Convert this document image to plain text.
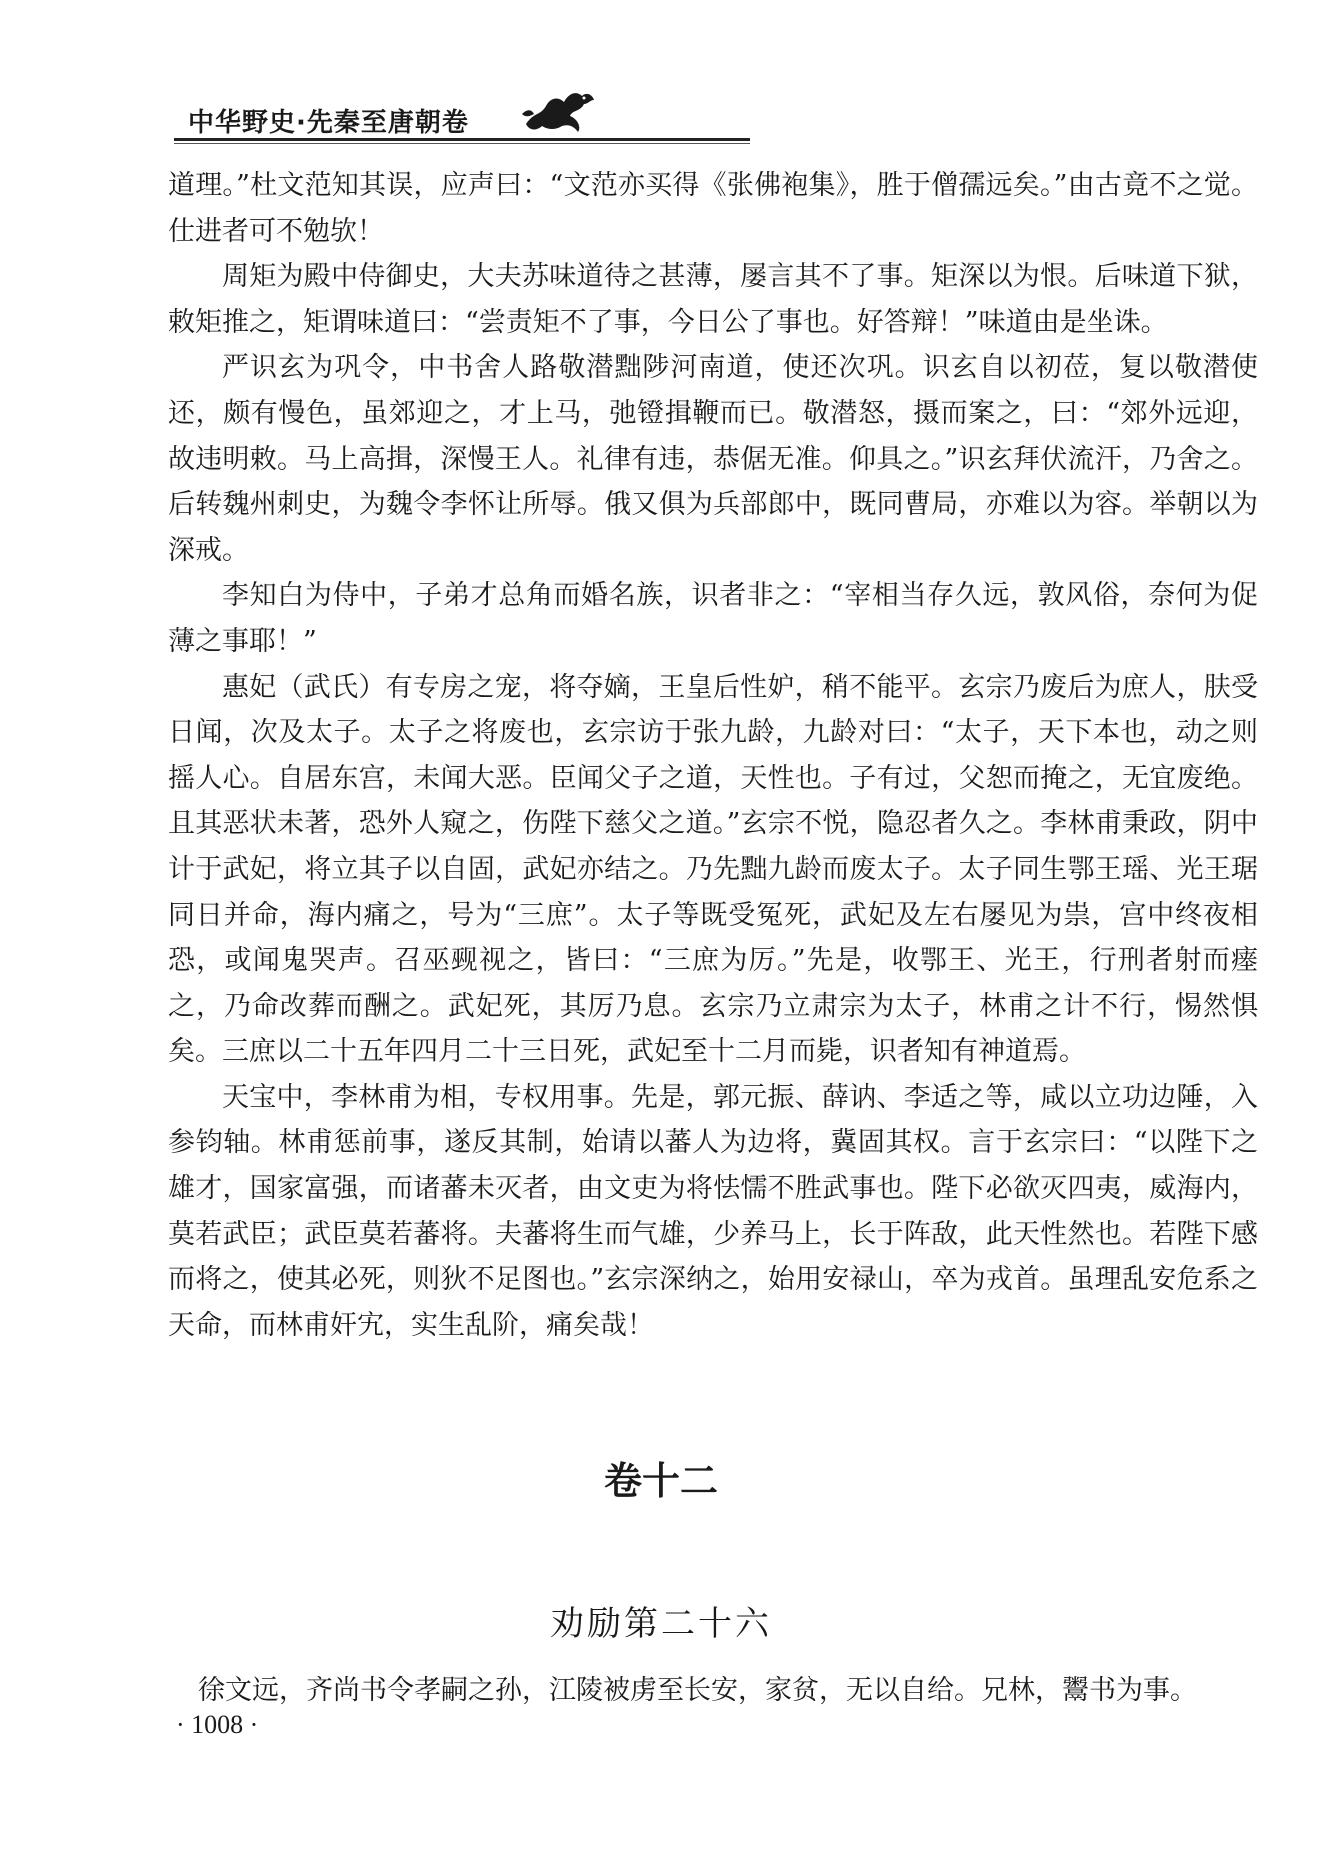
中华野史·先秦至唐朝卷

道理。”杜文范知其误，应声曰：“文范亦买得《张佛袍集》，胜于僧孺远矣。”由古竟不之觉。仕进者可不勉欤！

周矩为殿中侍御史，大夫苏味道待之甚薄，屡言其不了事。矩深以为恨。后味道下狱，敕矩推之，矩谓味道曰：“尝责矩不了事，今日公了事也。好答辩！”味道由是坐诛。

严识玄为巩令，中书舍人路敬潜黜陟河南道，使还次巩。识玄自以初莅，复以敬潜使还，颇有慢色，虽郊迎之，才上马，弛镫揖鞭而已。敬潜怒，摄而案之，曰：“郊外远迎，故违明敕。马上高揖，深慢王人。礼律有违，恭倨无准。仰具之。”识玄拜伏流汗，乃舍之。后转魏州刺史，为魏令李怀让所辱。俄又俱为兵部郎中，既同曹局，亦难以为容。举朝以为深戒。

李知白为侍中，子弟才总角而婚名族，识者非之：“宰相当存久远，敦风俗，奈何为促薄之事耶！”

惠妃（武氏）有专房之宠，将夺嫡，王皇后性妒，稍不能平。玄宗乃废后为庶人，肤受日闻，次及太子。太子之将废也，玄宗访于张九龄，九龄对曰：“太子，天下本也，动之则摇人心。自居东宫，未闻大恶。臣闻父子之道，天性也。子有过，父恕而掩之，无宜废绝。且其恶状未著，恐外人窥之，伤陛下慈父之道。”玄宗不悦，隐忍者久之。李林甫秉政，阴中计于武妃，将立其子以自固，武妃亦结之。乃先黜九龄而废太子。太子同生鄂王瑶、光王琚同日并命，海内痛之，号为“三庶”。太子等既受冤死，武妃及左右屡见为祟，宫中终夜相恐，或闻鬼哭声。召巫觋视之，皆曰：“三庶为厉。”先是，收鄂王、光王，行刑者射而瘗之，乃命改葬而酬之。武妃死，其厉乃息。玄宗乃立肃宗为太子，林甫之计不行，惕然惧矣。三庶以二十五年四月二十三日死，武妃至十二月而毙，识者知有神道焉。

天宝中，李林甫为相，专权用事。先是，郭元振、薛讷、李适之等，咸以立功边陲，入参钧轴。林甫惩前事，遂反其制，始请以蕃人为边将，冀固其权。言于玄宗曰：“以陛下之雄才，国家富强，而诸蕃未灭者，由文吏为将怯懦不胜武事也。陛下必欲灭四夷，威海内，莫若武臣；武臣莫若蕃将。夫蕃将生而气雄，少养马上，长于阵敌，此天性然也。若陛下感而将之，使其必死，则狄不足图也。”玄宗深纳之，始用安禄山，卒为戎首。虽理乱安危系之天命，而林甫奸宄，实生乱阶，痛矣哉！

卷十二
劝励第二十六
徐文远，齐尚书令孝嗣之孙，江陵被虏至长安，家贫，无以自给。兄林，鬻书为事。
· 1008 ·
